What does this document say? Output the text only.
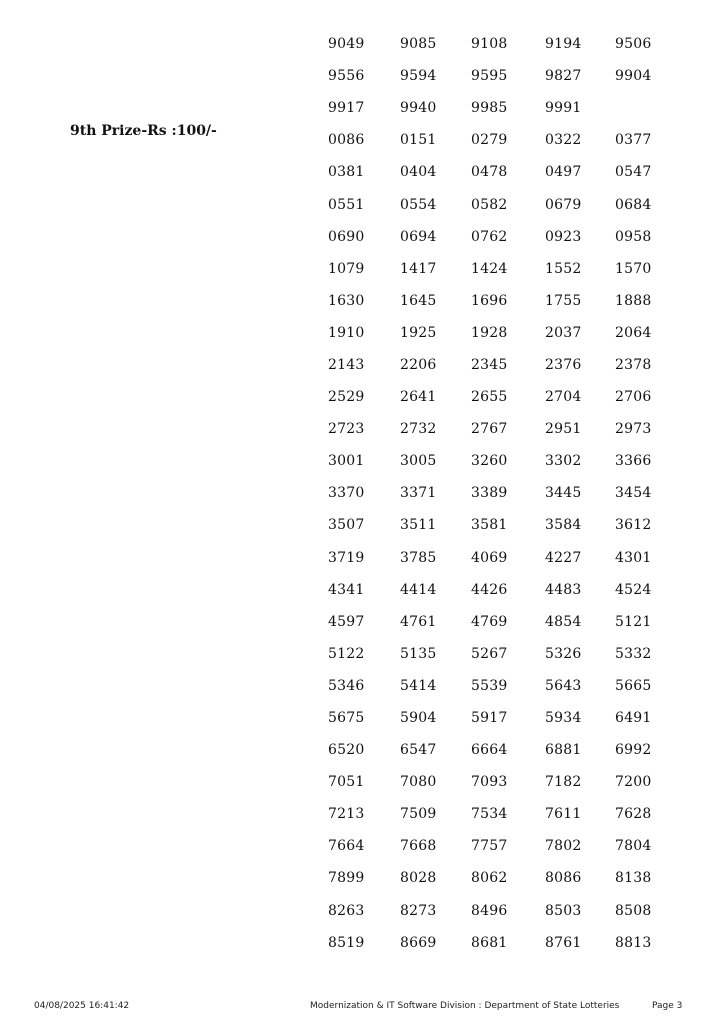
9th Prize-Rs :100/-
9049	9085	9108	9194	9506
9556	9594	9595	9827	9904
9917	9940	9985	9991
0086	0151	0279	0322	0377
0381	0404	0478	0497	0547
0551	0554	0582	0679	0684
0690	0694	0762	0923	0958
1079	1417	1424	1552	1570
1630	1645	1696	1755	1888
1910	1925	1928	2037	2064
2143	2206	2345	2376	2378
2529	2641	2655	2704	2706
2723	2732	2767	2951	2973
3001	3005	3260	3302	3366
3370	3371	3389	3445	3454
3507	3511	3581	3584	3612
3719	3785	4069	4227	4301
4341	4414	4426	4483	4524
4597	4761	4769	4854	5121
5122	5135	5267	5326	5332
5346	5414	5539	5643	5665
5675	5904	5917	5934	6491
6520	6547	6664	6881	6992
7051	7080	7093	7182	7200
7213	7509	7534	7611	7628
7664	7668	7757	7802	7804
7899	8028	8062	8086	8138
8263	8273	8496	8503	8508
8519	8669	8681	8761	8813
04/08/2025 16:41:42	Modernization & IT Software Division : Department of State Lotteries	Page 3
